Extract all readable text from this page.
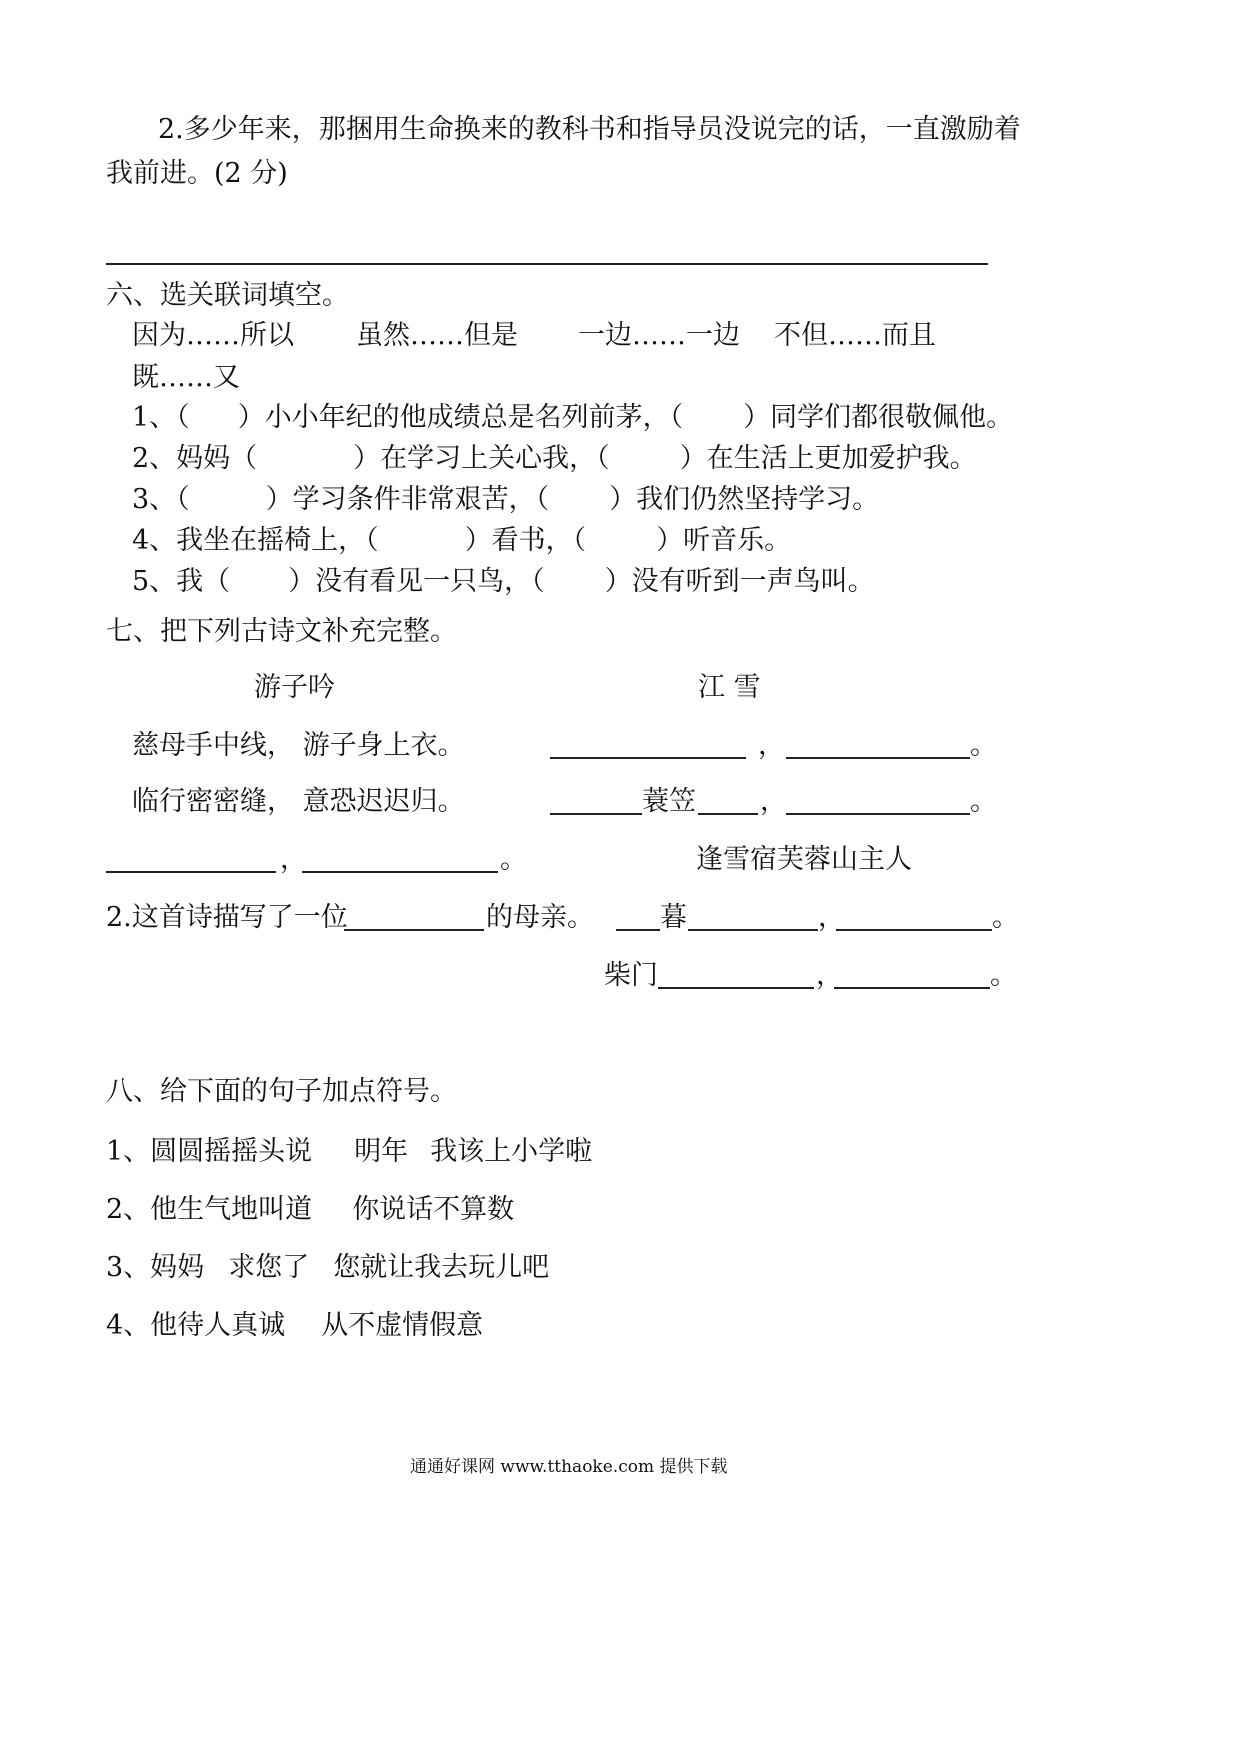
2.多少年来，那捆用生命换来的教科书和指导员没说完的话，一直激励着
我前进。(2 分)
六、选关联词填空。
因为……所以 虽然……但是 一边……一边 不但……而且
既……又
1、（ ）小小年纪的他成绩总是名列前茅，（ ）同学们都很敬佩他。
2、妈妈（	）在学习上关心我，（	）在生活上更加爱护我。
3、（	）学习条件非常艰苦，（ ）我们仍然坚持学习。
4、我坐在摇椅上，（	）看书，（	）听音乐。
5、我（ ）没有看见一只鸟，（ ）没有听到一声鸟叫。
七、把下列古诗文补充完整。
游子吟	江 雪
慈母手中线， 游子身上衣。	，	。
临行密密缝， 意恐迟迟归。	蓑笠 ，	。
，	。	逢雪宿芙蓉山主人
2.这首诗描写了一位	的母亲。 暮	，	。
柴门	，	。
八、给下面的句子加点符号。
1、圆圆摇摇头说 明年 我该上小学啦
2、他生气地叫道 你说话不算数
3、妈妈 求您了 您就让我去玩儿吧
4、他待人真诚 从不虚情假意
通通好课网 www.tthaoke.com 提供下载
